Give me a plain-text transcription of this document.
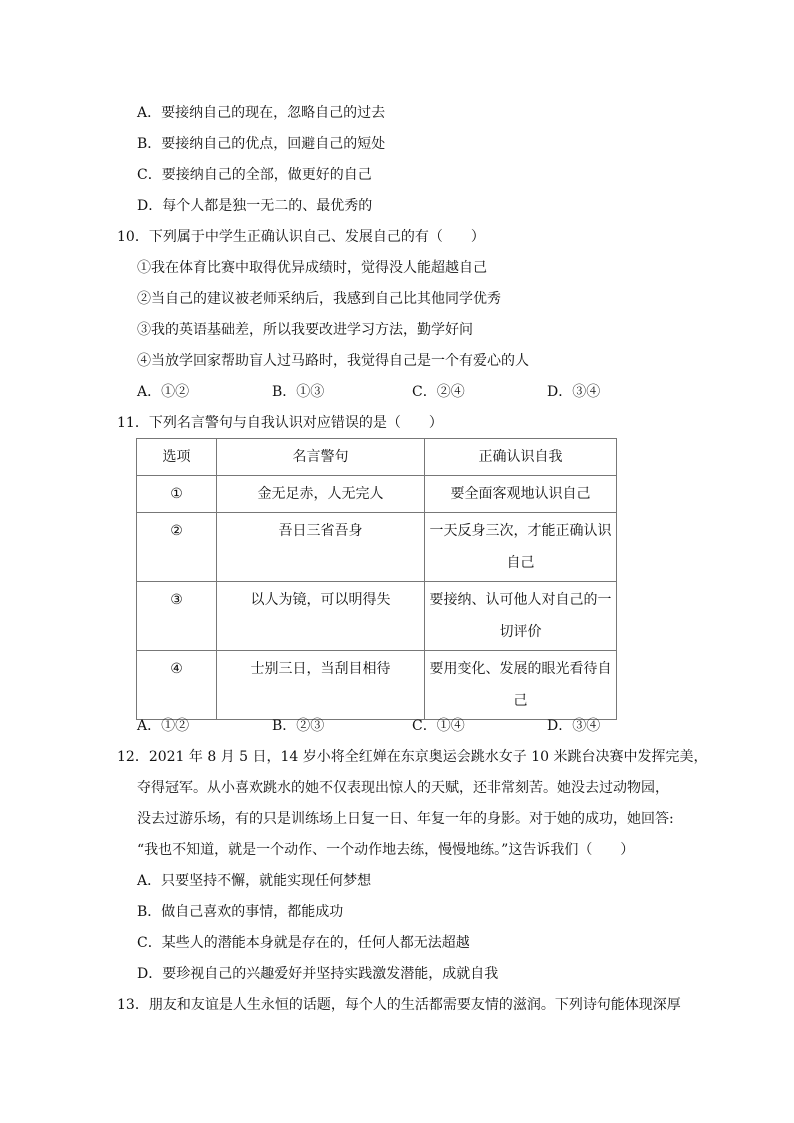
A．要接纳自己的现在，忽略自己的过去
B．要接纳自己的优点，回避自己的短处
C．要接纳自己的全部，做更好的自己
D．每个人都是独一无二的、最优秀的
10．下列属于中学生正确认识自己、发展自己的有（　　）
①我在体育比赛中取得优异成绩时，觉得没人能超越自己
②当自己的建议被老师采纳后，我感到自己比其他同学优秀
③我的英语基础差，所以我要改进学习方法，勤学好问
④当放学回家帮助盲人过马路时，我觉得自己是一个有爱心的人
A．①②	B．①③	C．②④	D．③④
11．下列名言警句与自我认识对应错误的是（　　）
选项	名言警句	正确认识自我
①	金无足赤，人无完人	要全面客观地认识自己
②	吾日三省吾身	一天反身三次，才能正确认识自己
③	以人为镜，可以明得失	要接纳、认可他人对自己的一切评价
④	士别三日，当刮目相待	要用变化、发展的眼光看待自己
A．①②	B．②③	C．①④	D．③④
12．2021 年 8 月 5 日，14 岁小将全红婵在东京奥运会跳水女子 10 米跳台决赛中发挥完美，
夺得冠军。从小喜欢跳水的她不仅表现出惊人的天赋，还非常刻苦。她没去过动物园，
没去过游乐场，有的只是训练场上日复一日、年复一年的身影。对于她的成功，她回答:
“我也不知道，就是一个动作、一个动作地去练，慢慢地练。”这告诉我们（　　）
A．只要坚持不懈，就能实现任何梦想
B．做自己喜欢的事情，都能成功
C．某些人的潜能本身就是存在的，任何人都无法超越
D．要珍视自己的兴趣爱好并坚持实践激发潜能，成就自我
13．朋友和友谊是人生永恒的话题，每个人的生活都需要友情的滋润。下列诗句能体现深厚
